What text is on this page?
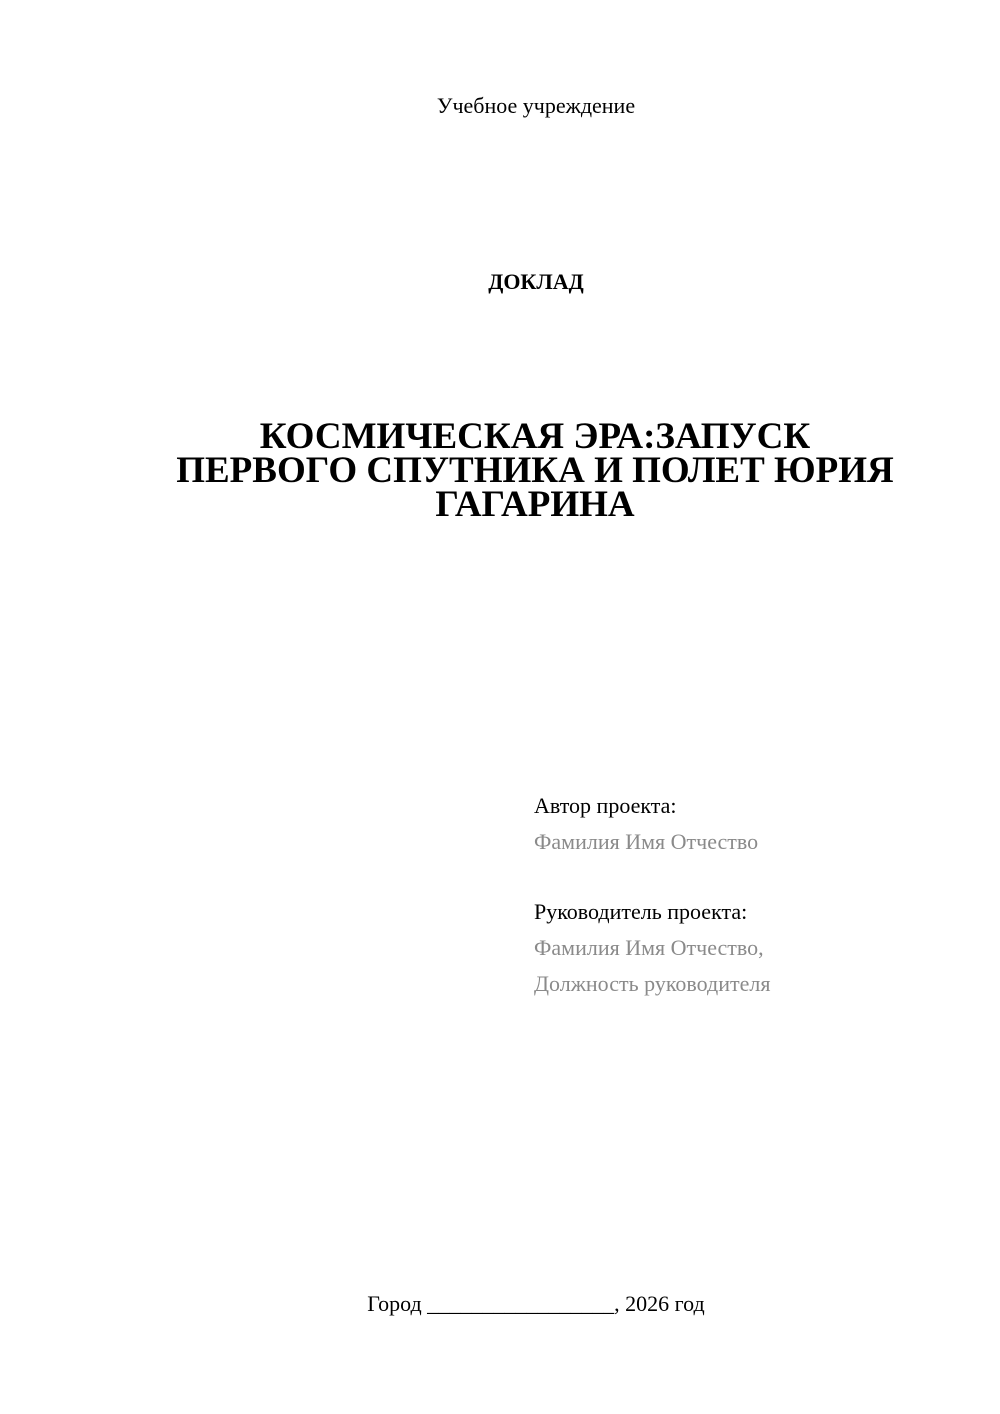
Учебное учреждение
ДОКЛАД
КОСМИЧЕСКАЯ ЭРА:ЗАПУСК
ПЕРВОГО СПУТНИКА И ПОЛЕТ ЮРИЯ
ГАГАРИНА
Автор проекта:
Фамилия Имя Отчество
Руководитель проекта:
Фамилия Имя Отчество,
Должность руководителя
Город _________________, 2026 год
